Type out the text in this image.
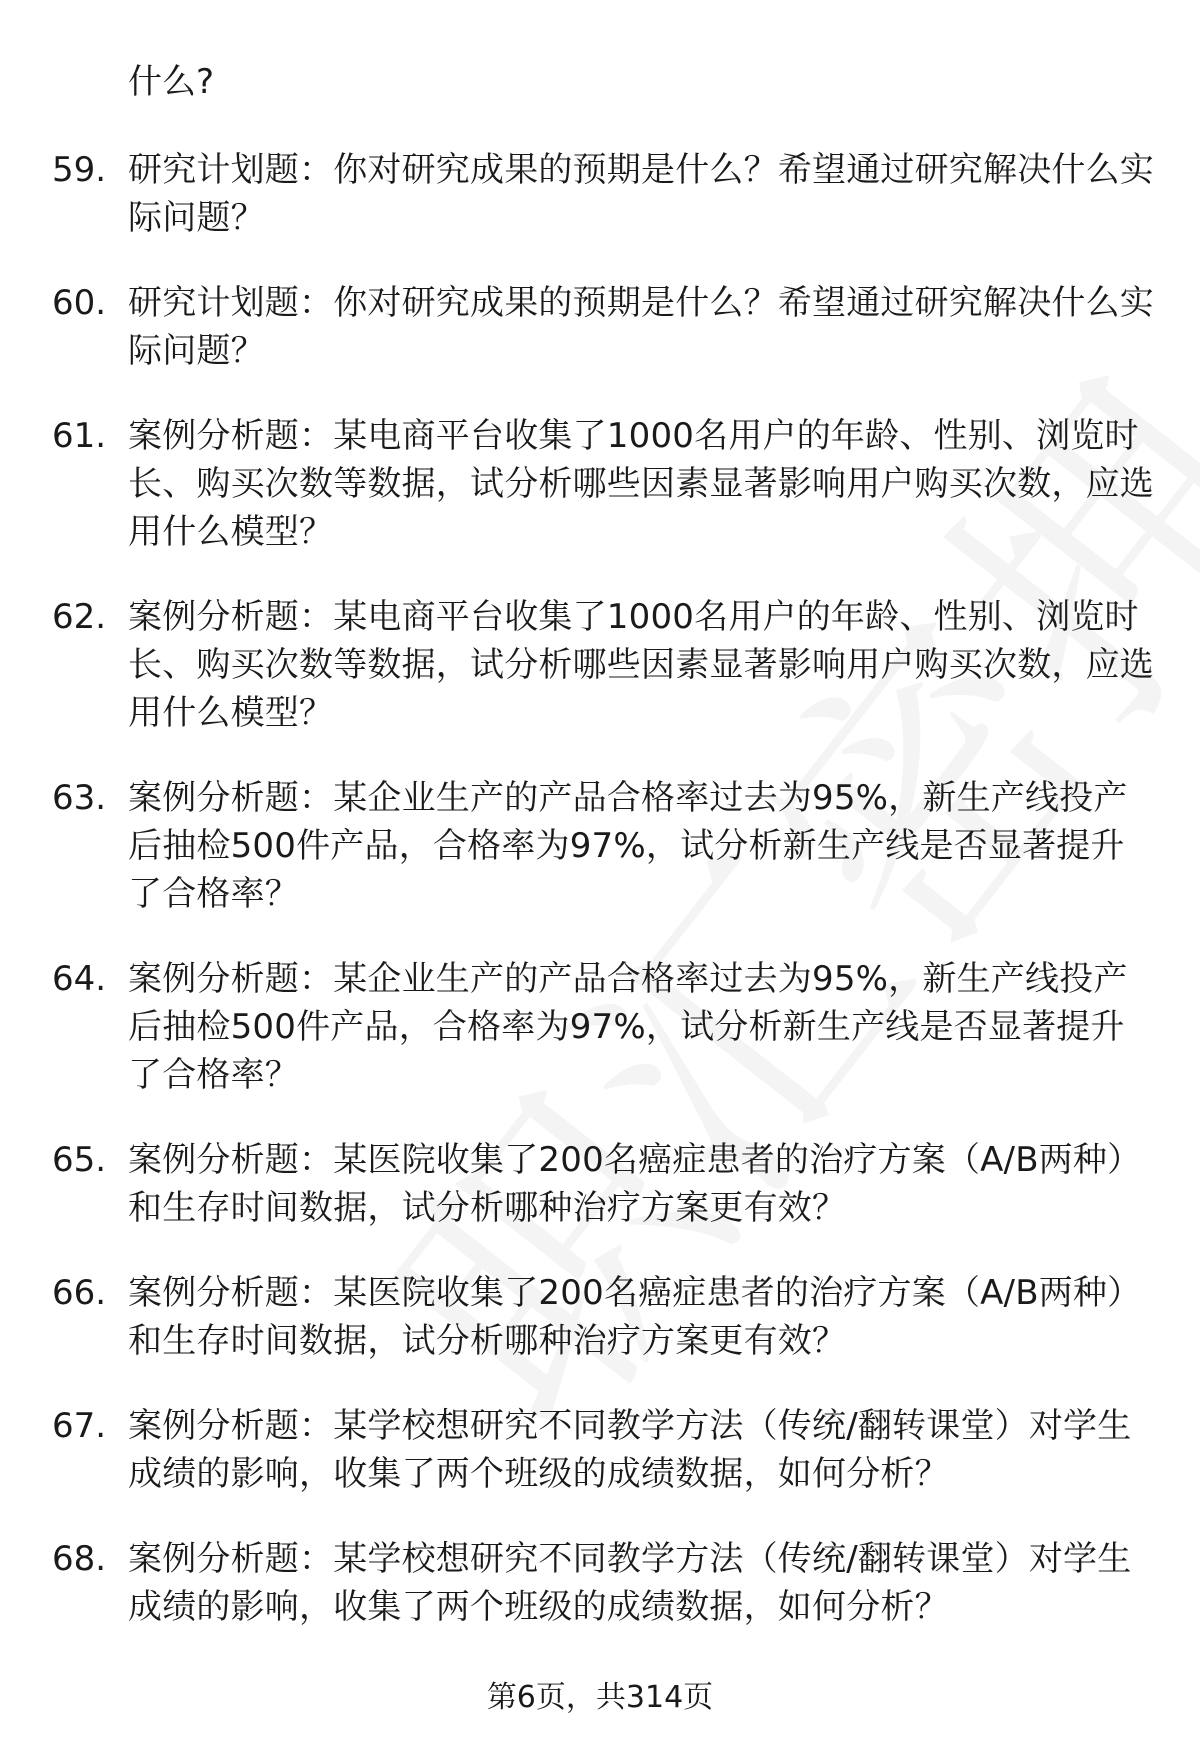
什么?

59. 研究计划题：你对研究成果的预期是什么？希望通过研究解决什么实际问题？
60. 研究计划题：你对研究成果的预期是什么？希望通过研究解决什么实际问题？
61. 案例分析题：某电商平台收集了1000名用户的年龄、性别、浏览时长、购买次数等数据，试分析哪些因素显著影响用户购买次数，应选用什么模型？
62. 案例分析题：某电商平台收集了1000名用户的年龄、性别、浏览时长、购买次数等数据，试分析哪些因素显著影响用户购买次数，应选用什么模型？
63. 案例分析题：某企业生产的产品合格率过去为95%，新生产线投产后抽检500件产品，合格率为97%，试分析新生产线是否显著提升了合格率？
64. 案例分析题：某企业生产的产品合格率过去为95%，新生产线投产后抽检500件产品，合格率为97%，试分析新生产线是否显著提升了合格率？
65. 案例分析题：某医院收集了200名癌症患者的治疗方案（A/B两种）和生存时间数据，试分析哪种治疗方案更有效？
66. 案例分析题：某医院收集了200名癌症患者的治疗方案（A/B两种）和生存时间数据，试分析哪种治疗方案更有效？
67. 案例分析题：某学校想研究不同教学方法（传统/翻转课堂）对学生成绩的影响，收集了两个班级的成绩数据，如何分析？
68. 案例分析题：某学校想研究不同教学方法（传统/翻转课堂）对学生成绩的影响，收集了两个班级的成绩数据，如何分析？
第6页，共314页
